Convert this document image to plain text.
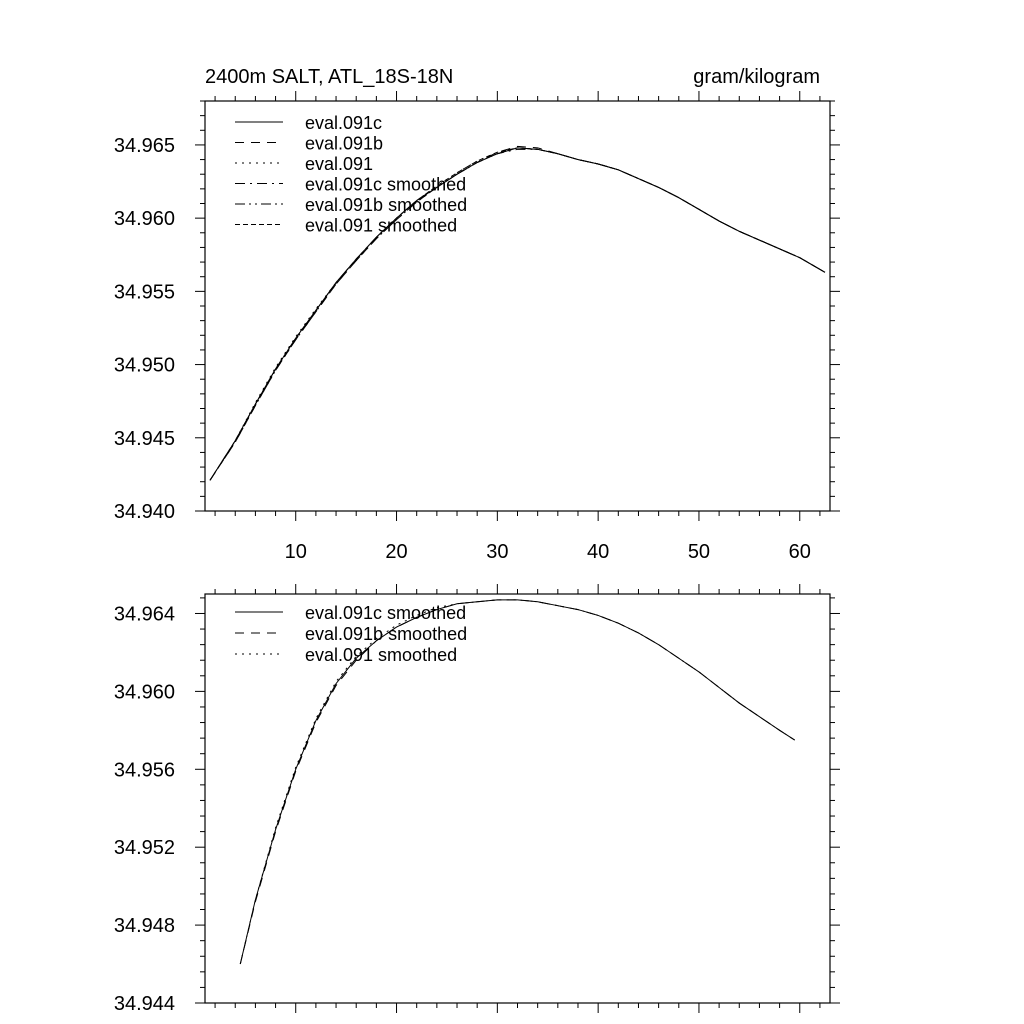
34.940
34.945
34.950
34.955
34.960
34.965
10	20	30	40	50	60
2400m SALT, ATL_18S-18N	gram/kilogram
eval.091c
eval.091b
eval.091
eval.091c smoothed
eval.091b smoothed
eval.091 smoothed
34.944
34.948
34.952
34.956
34.960
34.964	eval.091c smoothed
eval.091b smoothed
eval.091 smoothed
